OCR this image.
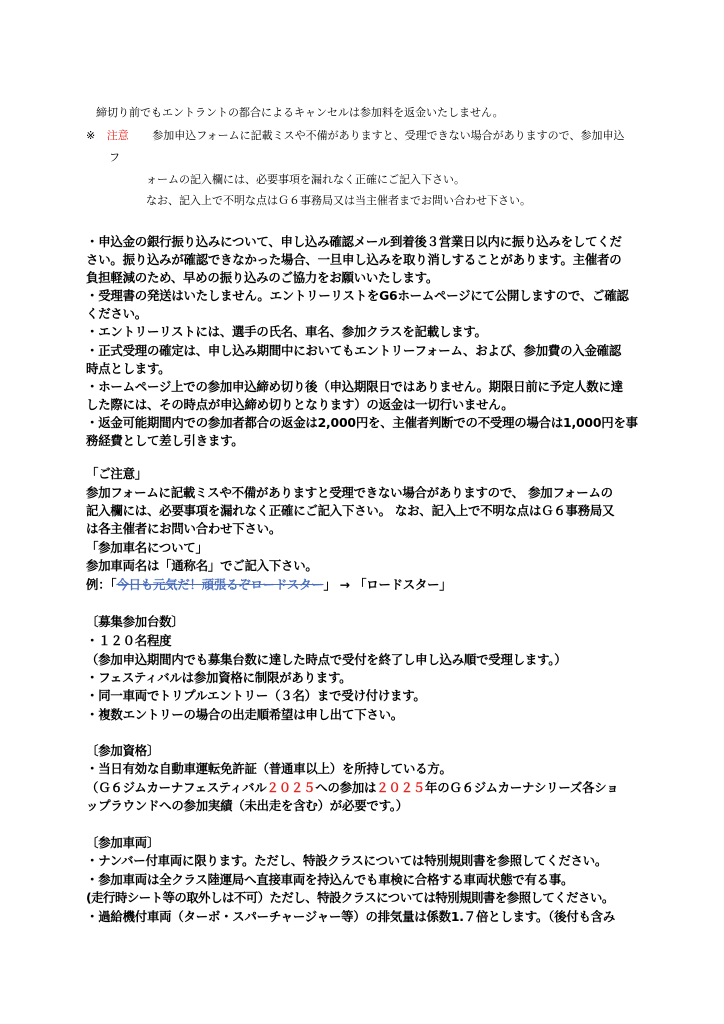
締切り前でもエントラントの都合によるキャンセルは参加料を返金いたしません。
※ 注意 参加申込フォームに記載ミスや不備がありますと、受理できない場合がありますので、参加申込
フ
ォームの記入欄には、必要事項を漏れなく正確にご記入下さい。
なお、記入上で不明な点はＧ６事務局又は当主催者までお問い合わせ下さい。
・申込金の銀行振り込みについて、申し込み確認メール到着後３営業日以内に振り込みをしてくだ
さい。振り込みが確認できなかった場合、一旦申し込みを取り消しすることがあります。主催者の
負担軽減のため、早めの振り込みのご協力をお願いいたします。
・受理書の発送はいたしません。エントリーリストをG6ホームページにて公開しますので、ご確認
ください。
・エントリーリストには、選手の氏名、車名、参加クラスを記載します。
・正式受理の確定は、申し込み期間中においてもエントリーフォーム、および、参加費の入金確認
時点とします。
・ホームページ上での参加申込締め切り後（申込期限日ではありません。期限日前に予定人数に達
した際には、その時点が申込締め切りとなります）の返金は一切行いません。
・返金可能期間内での参加者都合の返金は2,000円を、主催者判断での不受理の場合は1,000円を事
務経費として差し引きます。
「ご注意」
参加フォームに記載ミスや不備がありますと受理できない場合がありますので、 参加フォームの
記入欄には、必要事項を漏れなく正確にご記入下さい。 なお、記入上で不明な点はＧ６事務局又
は各主催者にお問い合わせ下さい。
「参加車名について」
参加車両名は「通称名」でご記入下さい。
例：「今日も元気だ！頑張るぞロードスター」 → 「ロードスター」
〔募集参加台数〕
・１２０名程度
（参加申込期間内でも募集台数に達した時点で受付を終了し申し込み順で受理します。）
・フェスティバルは参加資格に制限があります。
・同一車両でトリプルエントリー（３名）まで受け付けます。
・複数エントリーの場合の出走順希望は申し出て下さい。
〔参加資格〕
・当日有効な自動車運転免許証（普通車以上）を所持している方。
（Ｇ６ジムカーナフェスティバル２０２５への参加は２０２５年のＧ６ジムカーナシリーズ各ショ
ップラウンドへの参加実績（未出走を含む）が必要です。）
〔参加車両〕
・ナンバー付車両に限ります。ただし、特設クラスについては特別規則書を参照してください。
・参加車両は全クラス陸運局へ直接車両を持込んでも車検に合格する車両状態で有る事。
(走行時シート等の取外しは不可）ただし、特設クラスについては特別規則書を参照してください。
・過給機付車両（ターボ・スパーチャージャー等）の排気量は係数1.７倍とします。（後付も含み
